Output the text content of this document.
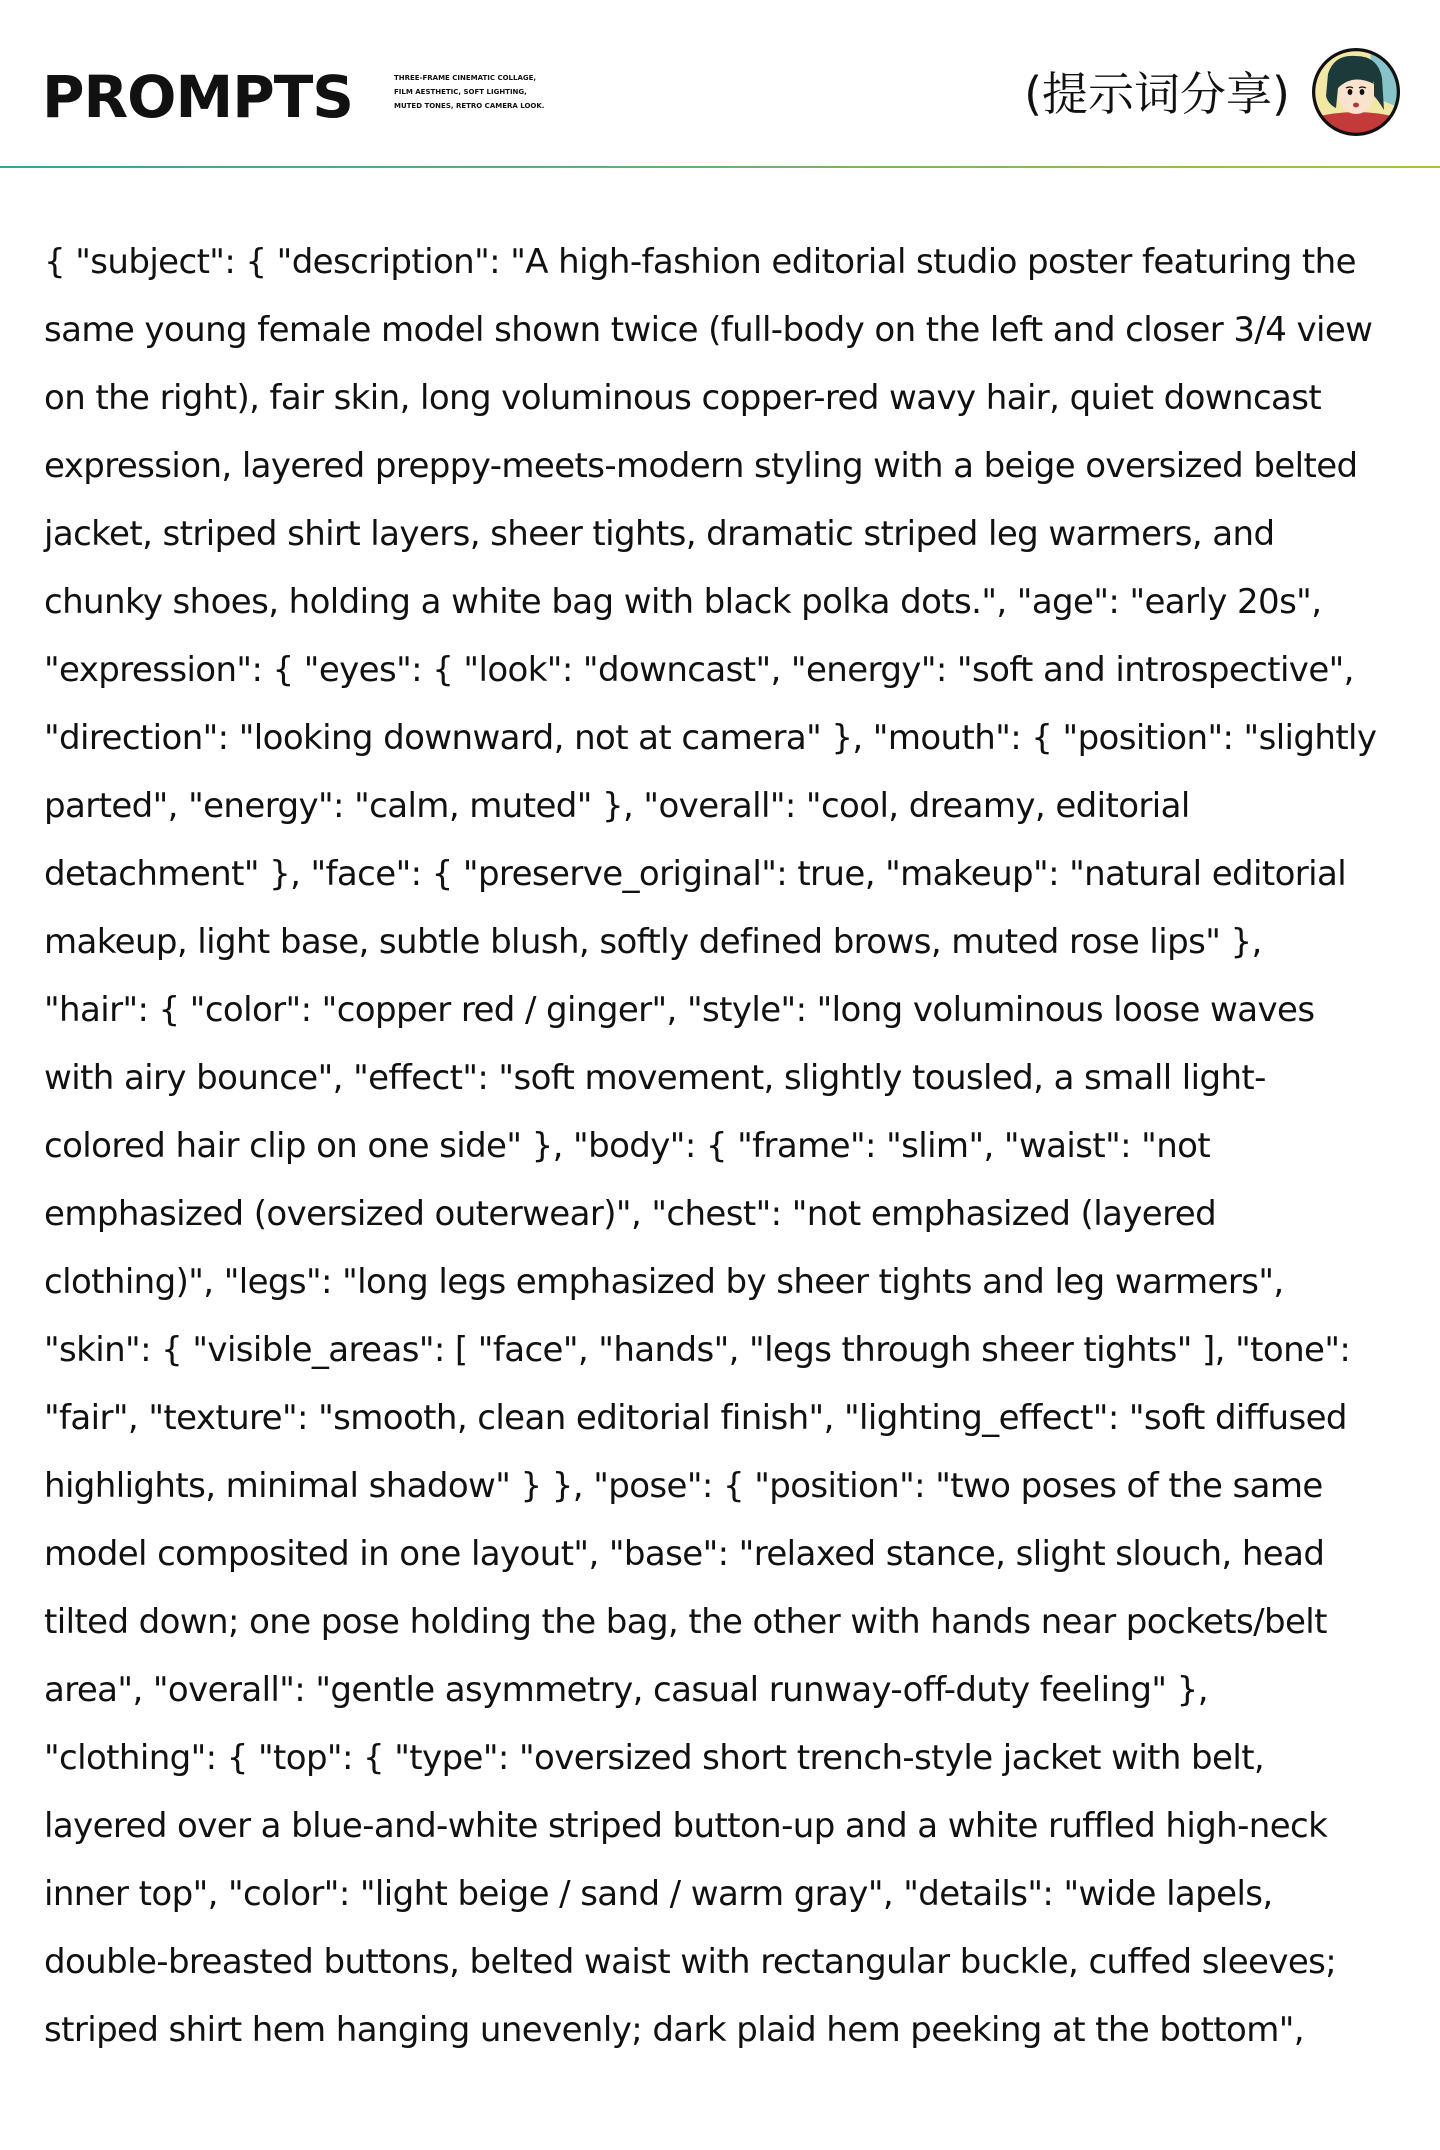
PROMPTS	THREE-FRAME CINEMATIC COLLAGE,
FILM AESTHETIC, SOFT LIGHTING,
MUTED TONES, RETRO CAMERA LOOK.	(提示词分享)
{ "subject": { "description": "A high-fashion editorial studio poster featuring the
same young female model shown twice (full-body on the left and closer 3/4 view
on the right), fair skin, long voluminous copper-red wavy hair, quiet downcast
expression, layered preppy-meets-modern styling with a beige oversized belted
jacket, striped shirt layers, sheer tights, dramatic striped leg warmers, and
chunky shoes, holding a white bag with black polka dots.", "age": "early 20s",
"expression": { "eyes": { "look": "downcast", "energy": "soft and introspective",
"direction": "looking downward, not at camera" }, "mouth": { "position": "slightly
parted", "energy": "calm, muted" }, "overall": "cool, dreamy, editorial
detachment" }, "face": { "preserve_original": true, "makeup": "natural editorial
makeup, light base, subtle blush, softly defined brows, muted rose lips" },
"hair": { "color": "copper red / ginger", "style": "long voluminous loose waves
with airy bounce", "effect": "soft movement, slightly tousled, a small light-
colored hair clip on one side" }, "body": { "frame": "slim", "waist": "not
emphasized (oversized outerwear)", "chest": "not emphasized (layered
clothing)", "legs": "long legs emphasized by sheer tights and leg warmers",
"skin": { "visible_areas": [ "face", "hands", "legs through sheer tights" ], "tone":
"fair", "texture": "smooth, clean editorial finish", "lighting_effect": "soft diffused
highlights, minimal shadow" } }, "pose": { "position": "two poses of the same
model composited in one layout", "base": "relaxed stance, slight slouch, head
tilted down; one pose holding the bag, the other with hands near pockets/belt
area", "overall": "gentle asymmetry, casual runway-off-duty feeling" },
"clothing": { "top": { "type": "oversized short trench-style jacket with belt,
layered over a blue-and-white striped button-up and a white ruffled high-neck
inner top", "color": "light beige / sand / warm gray", "details": "wide lapels,
double-breasted buttons, belted waist with rectangular buckle, cuffed sleeves;
striped shirt hem hanging unevenly; dark plaid hem peeking at the bottom",
